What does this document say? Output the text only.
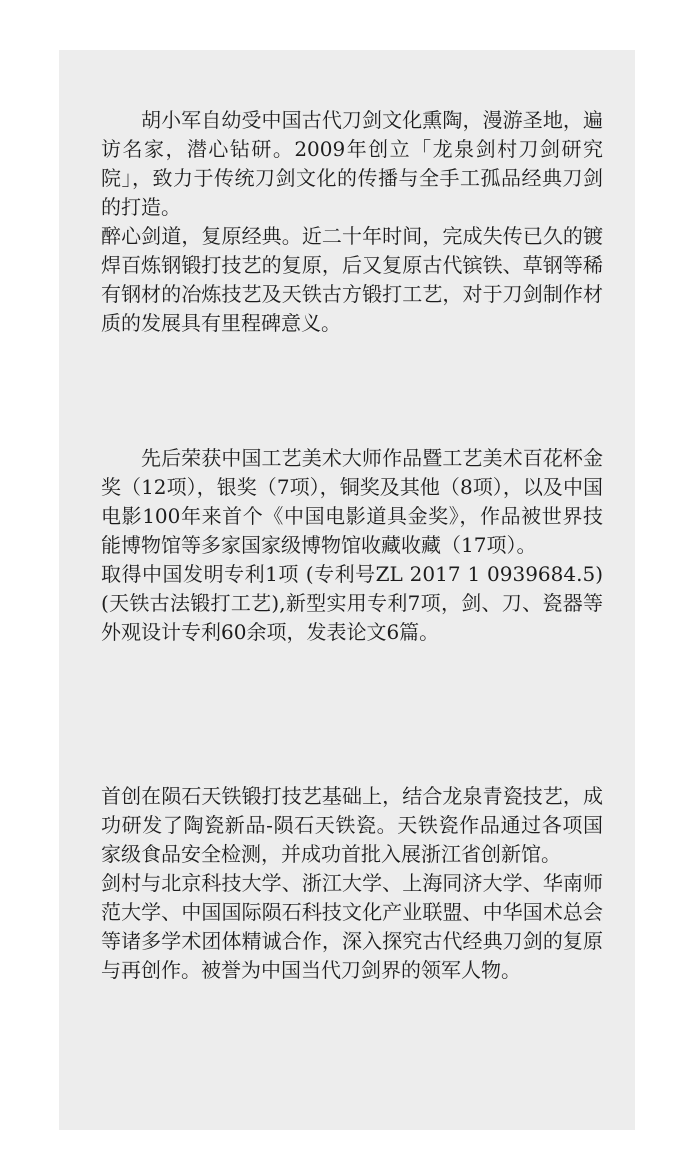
胡小军自幼受中国古代刀剑文化熏陶，漫游圣地，遍访名家，潜心钻研。2009年创立「龙泉剑村刀剑研究院」，致力于传统刀剑文化的传播与全手工孤品经典刀剑的打造。

醉心剑道，复原经典。近二十年时间，完成失传已久的镀焊百炼钢锻打技艺的复原，后又复原古代镔铁、草钢等稀有钢材的冶炼技艺及天铁古方锻打工艺，对于刀剑制作材质的发展具有里程碑意义。

先后荣获中国工艺美术大师作品暨工艺美术百花杯金奖（12项），银奖（7项），铜奖及其他（8项），以及中国电影100年来首个《中国电影道具金奖》，作品被世界技能博物馆等多家国家级博物馆收藏收藏（17项）。

取得中国发明专利1项 (专利号ZL 2017 1 0939684.5) (天铁古法锻打工艺),新型实用专利7项，剑、刀、瓷器等外观设计专利60余项，发表论文6篇。

首创在陨石天铁锻打技艺基础上，结合龙泉青瓷技艺，成功研发了陶瓷新品-陨石天铁瓷。天铁瓷作品通过各项国家级食品安全检测，并成功首批入展浙江省创新馆。

剑村与北京科技大学、浙江大学、上海同济大学、华南师范大学、中国国际陨石科技文化产业联盟、中华国术总会等诸多学术团体精诚合作，深入探究古代经典刀剑的复原与再创作。被誉为中国当代刀剑界的领军人物。
